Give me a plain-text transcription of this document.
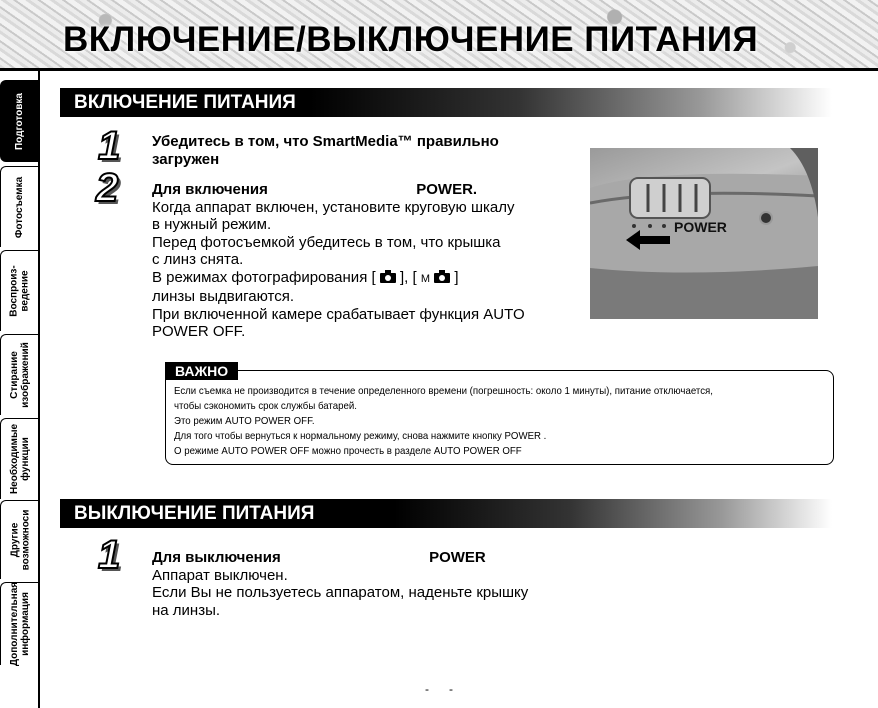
ВКЛЮЧЕНИЕ/ВЫКЛЮЧЕНИЕ ПИТАНИЯ
Подготовка
Фотосъемка
Воспроиз-
ведение
Стирание
изображений
Необходимые
функции
Другие
возможноси
Дополнительная
информация
ВКЛЮЧЕНИЕ ПИТАНИЯ
1 Убедитесь в том, что SmartMedia™ правильно
загружен
2 Для включения	POWER.
Когда аппарат включен, установите круговую шкалу
в нужный режим.
Перед фотосъемкой убедитесь в том, что крышка
с линз снята.
В режимах фотографирования [ ], [ M ]
линзы выдвигаются.
При включенной камере срабатывает функция AUTO
POWER OFF.
POWER
ВАЖНО
Если съемка не производится в течение определенного времени (погрешность: около 1 минуты), питание отключается,
чтобы сэкономить срок службы батарей.
Это режим AUTO POWER OFF.
Для того чтобы вернуться к нормальному режиму, снова нажмите кнопку POWER .
О режиме AUTO POWER OFF можно прочесть в разделе AUTO POWER OFF
ВЫКЛЮЧЕНИЕ ПИТАНИЯ
1 Для выключения	POWER
Аппарат выключен.
Если Вы не пользуетесь аппаратом, наденьте крышку
на линзы.
-      -
